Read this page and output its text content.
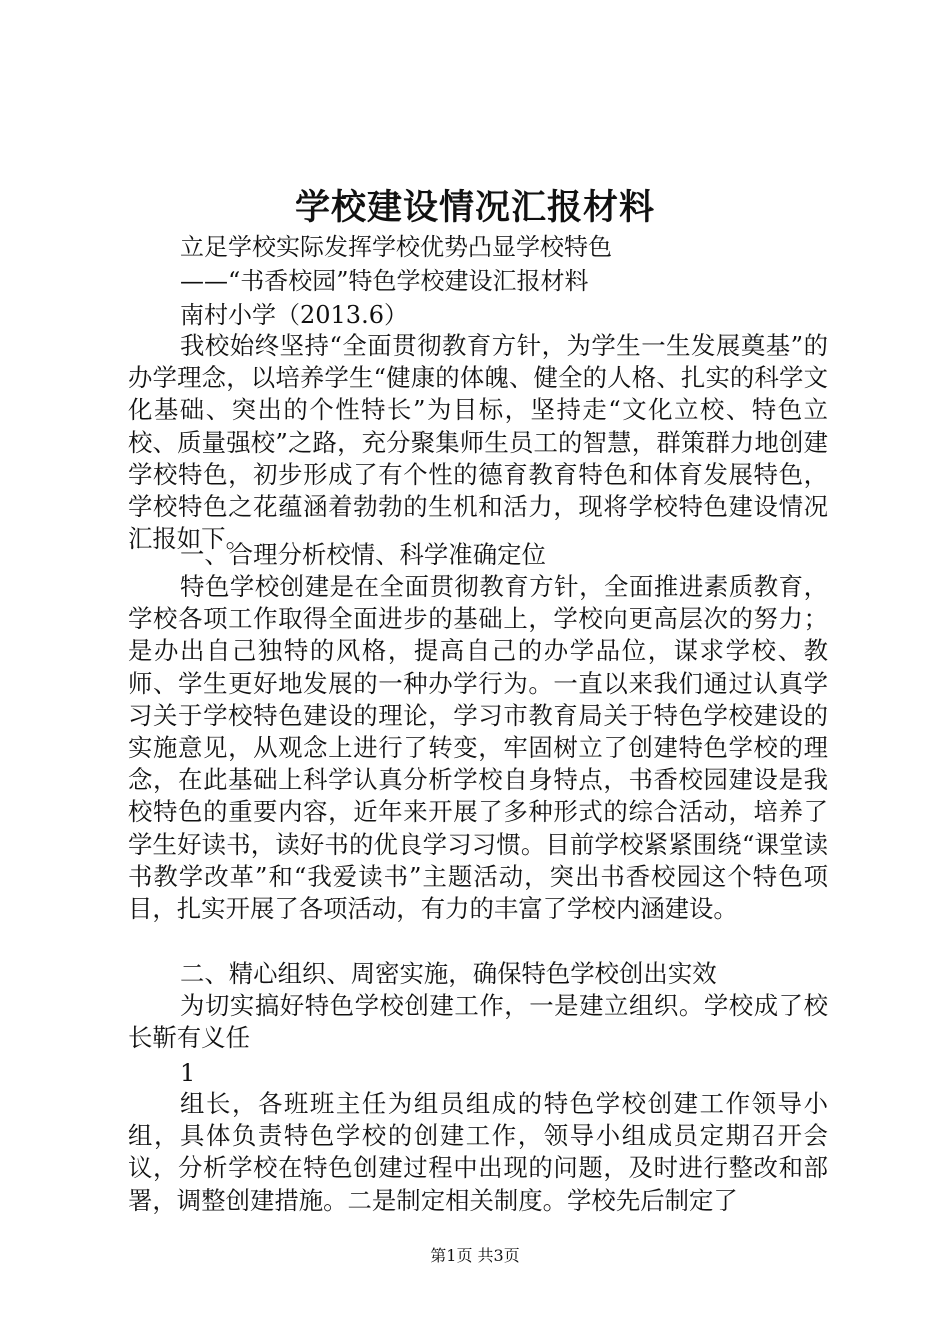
学校建设情况汇报材料
立足学校实际发挥学校优势凸显学校特色
——“书香校园”特色学校建设汇报材料
南村小学（2013.6）

我校始终坚持“全面贯彻教育方针，为学生一生发展奠基”的办学理念，以培养学生“健康的体魄、健全的人格、扎实的科学文化基础、突出的个性特长”为目标，坚持走“文化立校、特色立校、质量强校”之路，充分聚集师生员工的智慧，群策群力地创建学校特色，初步形成了有个性的德育教育特色和体育发展特色，学校特色之花蕴涵着勃勃的生机和活力，现将学校特色建设情况汇报如下。

一、合理分析校情、科学准确定位

特色学校创建是在全面贯彻教育方针，全面推进素质教育，学校各项工作取得全面进步的基础上，学校向更高层次的努力；是办出自己独特的风格，提高自己的办学品位，谋求学校、教师、学生更好地发展的一种办学行为。一直以来我们通过认真学习关于学校特色建设的理论，学习市教育局关于特色学校建设的实施意见，从观念上进行了转变，牢固树立了创建特色学校的理念，在此基础上科学认真分析学校自身特点，书香校园建设是我校特色的重要内容，近年来开展了多种形式的综合活动，培养了学生好读书，读好书的优良学习习惯。目前学校紧紧围绕“课堂读书教学改革”和“我爱读书”主题活动，突出书香校园这个特色项目，扎实开展了各项活动，有力的丰富了学校内涵建设。

二、精心组织、周密实施，确保特色学校创出实效

为切实搞好特色学校创建工作，一是建立组织。学校成了校长靳有义任

1

组长，各班班主任为组员组成的特色学校创建工作领导小组，具体负责特色学校的创建工作，领导小组成员定期召开会议，分析学校在特色创建过程中出现的问题，及时进行整改和部署，调整创建措施。二是制定相关制度。学校先后制定了

第1页 共3页
